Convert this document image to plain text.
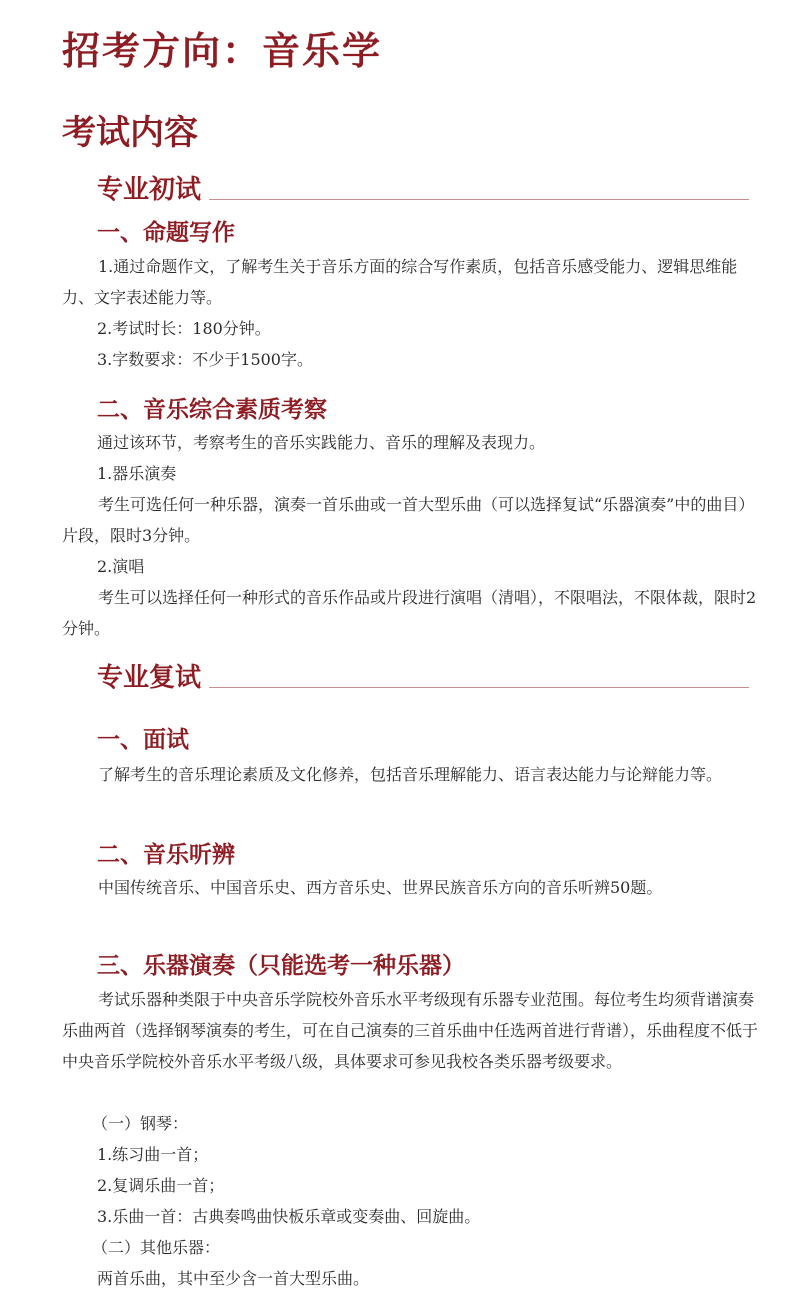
招考方向：音乐学
考试内容
专业初试
一、命题写作

1.通过命题作文，了解考生关于音乐方面的综合写作素质，包括音乐感受能力、逻辑思维能力、文字表述能力等。

2.考试时长：180分钟。

3.字数要求：不少于1500字。

二、音乐综合素质考察

通过该环节，考察考生的音乐实践能力、音乐的理解及表现力。

1.器乐演奏

考生可选任何一种乐器，演奏一首乐曲或一首大型乐曲（可以选择复试“乐器演奏”中的曲目）片段，限时3分钟。

2.演唱

考生可以选择任何一种形式的音乐作品或片段进行演唱（清唱），不限唱法，不限体裁，限时2分钟。

专业复试
一、面试

了解考生的音乐理论素质及文化修养，包括音乐理解能力、语言表达能力与论辩能力等。

二、音乐听辨

中国传统音乐、中国音乐史、西方音乐史、世界民族音乐方向的音乐听辨50题。

三、乐器演奏（只能选考一种乐器）

考试乐器种类限于中央音乐学院校外音乐水平考级现有乐器专业范围。每位考生均须背谱演奏乐曲两首（选择钢琴演奏的考生，可在自己演奏的三首乐曲中任选两首进行背谱），乐曲程度不低于中央音乐学院校外音乐水平考级八级，具体要求可参见我校各类乐器考级要求。

（一）钢琴：

1.练习曲一首；

2.复调乐曲一首；

3.乐曲一首：古典奏鸣曲快板乐章或变奏曲、回旋曲。

（二）其他乐器：

两首乐曲，其中至少含一首大型乐曲。
